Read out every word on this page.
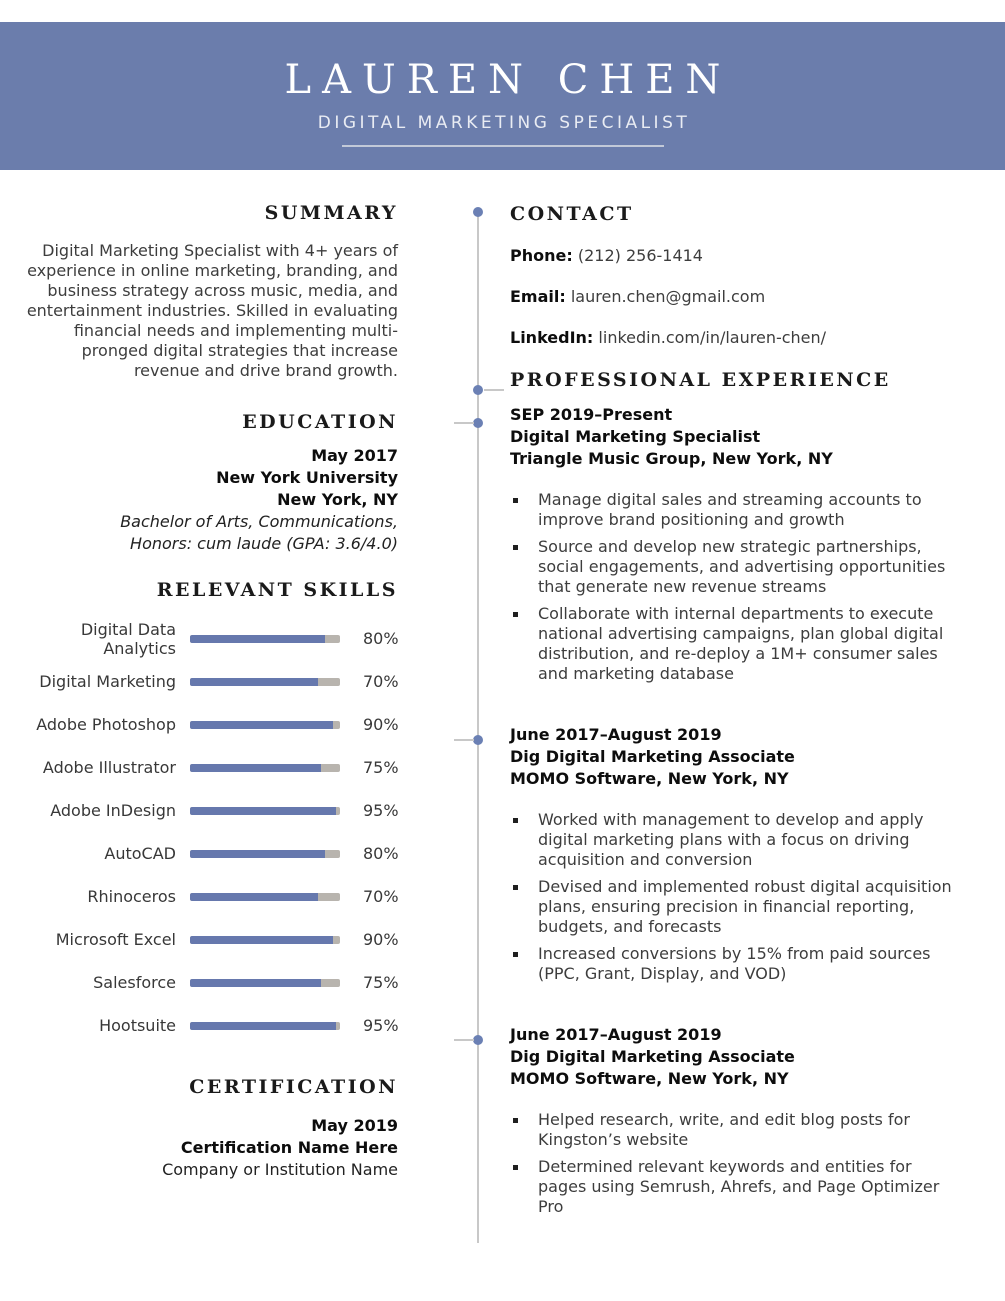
LAUREN CHEN
DIGITAL MARKETING SPECIALIST
SUMMARY

Digital Marketing Specialist with 4+ years of experience in online marketing, branding, and business strategy across music, media, and entertainment industries. Skilled in evaluating financial needs and implementing multi-pronged digital strategies that increase revenue and drive brand growth.

EDUCATION
May 2017
New York University
New York, NY
Bachelor of Arts, Communications,
Honors: cum laude (GPA: 3.6/4.0)
RELEVANT SKILLS
Digital Data Analytics	80%
Digital Marketing	70%
Adobe Photoshop	90%
Adobe Illustrator	75%
Adobe InDesign	95%
AutoCAD	80%
Rhinoceros	70%
Microsoft Excel	90%
Salesforce	75%
Hootsuite	95%
CERTIFICATION
May 2019
Certification Name Here
Company or Institution Name
CONTACT
Phone: (212) 256-1414
Email: lauren.chen@gmail.com
LinkedIn: linkedin.com/in/lauren-chen/
PROFESSIONAL EXPERIENCE
SEP 2019–Present
Digital Marketing Specialist
Triangle Music Group, New York, NY
Manage digital sales and streaming accounts to improve brand positioning and growth
Source and develop new strategic partnerships, social engagements, and advertising opportunities that generate new revenue streams
Collaborate with internal departments to execute national advertising campaigns, plan global digital distribution, and re-deploy a 1M+ consumer sales and marketing database
June 2017–August 2019
Dig Digital Marketing Associate
MOMO Software, New York, NY
Worked with management to develop and apply digital marketing plans with a focus on driving acquisition and conversion
Devised and implemented robust digital acquisition plans, ensuring precision in financial reporting, budgets, and forecasts
Increased conversions by 15% from paid sources (PPC, Grant, Display, and VOD)
June 2017–August 2019
Dig Digital Marketing Associate
MOMO Software, New York, NY
Helped research, write, and edit blog posts for Kingston’s website
Determined relevant keywords and entities for pages using Semrush, Ahrefs, and Page Optimizer Pro
